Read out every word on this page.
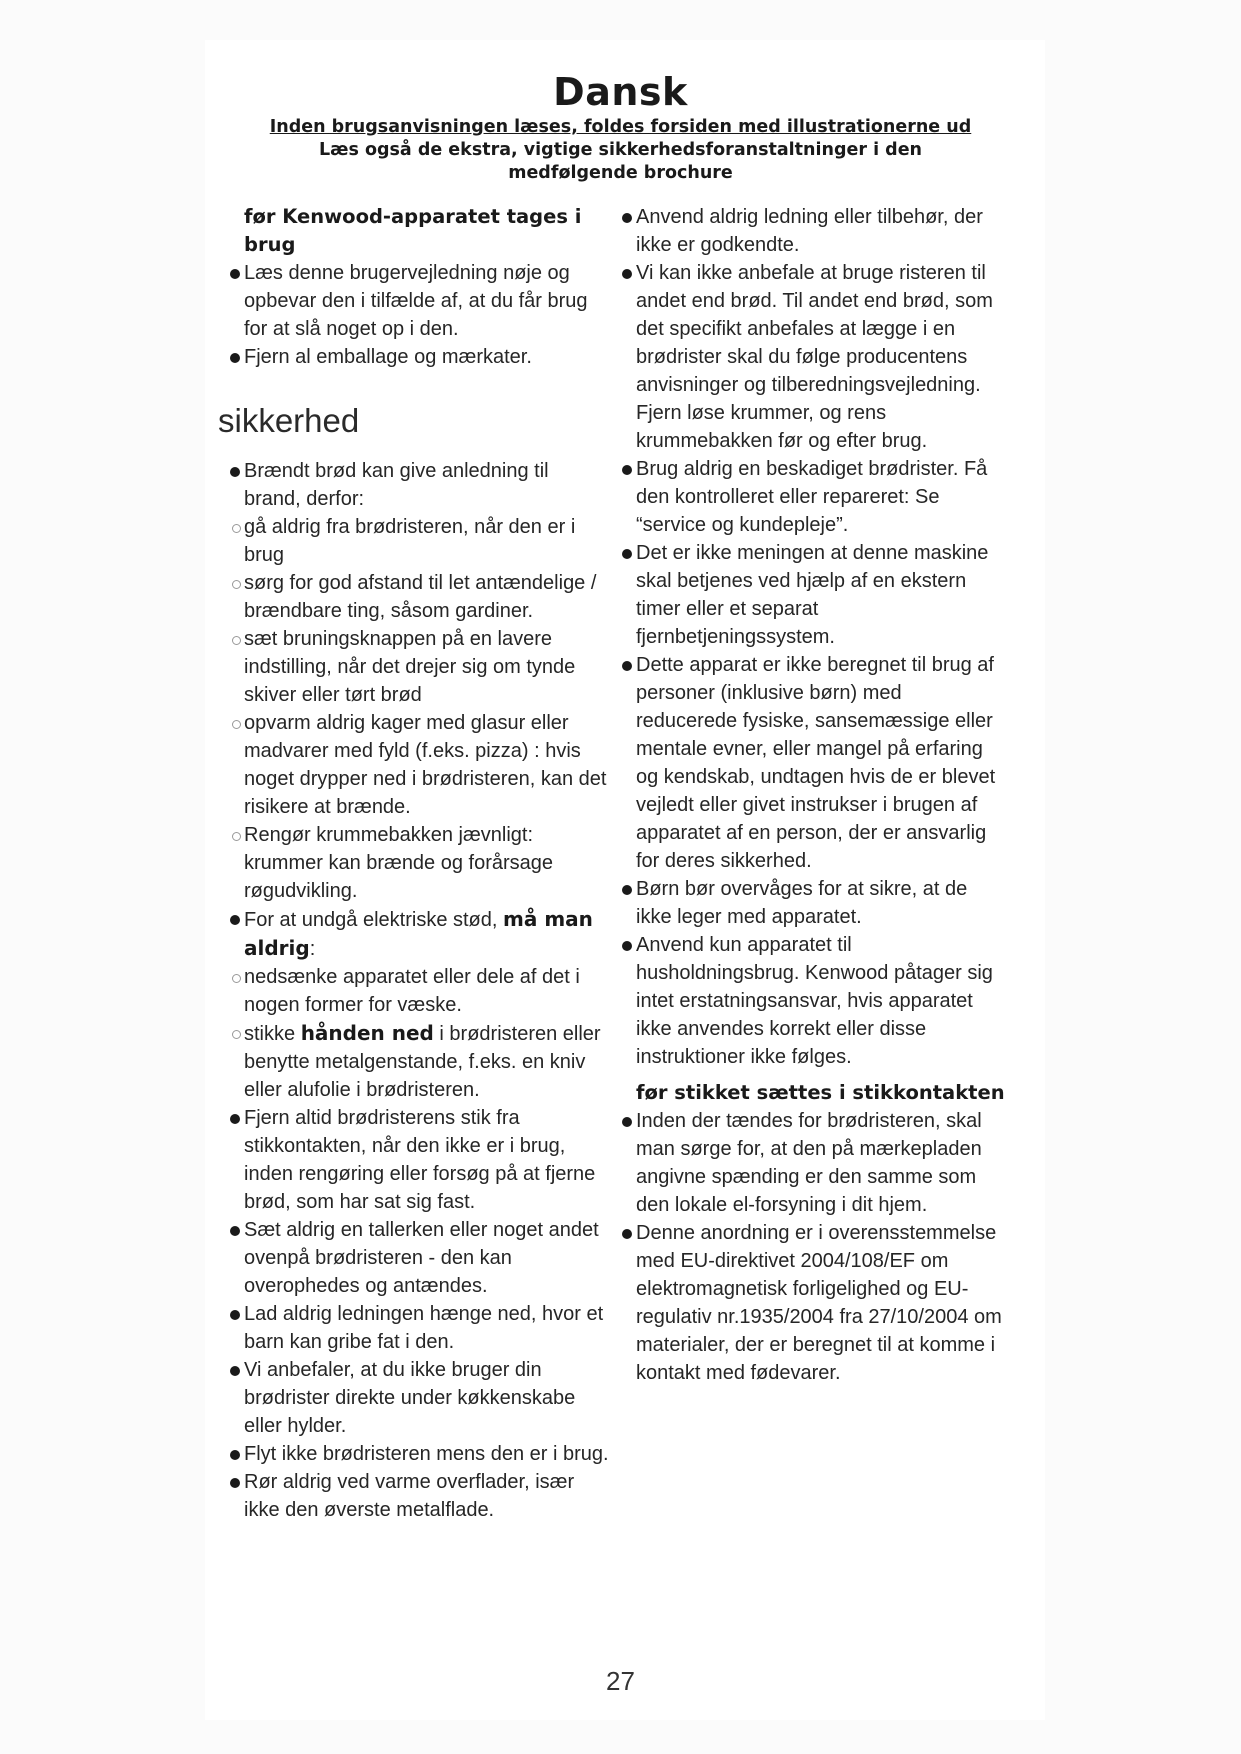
Dansk

Inden brugsanvisningen læses, foldes forsiden med illustrationerne ud

Læs også de ekstra, vigtige sikkerhedsforanstaltninger i den

medfølgende brochure

før Kenwood-apparatet tages i brug
Læs denne brugervejledning nøje og opbevar den i tilfælde af, at du får brug for at slå noget op i den.
Fjern al emballage og mærkater.
sikkerhed
Brændt brød kan give anledning til brand, derfor:
gå aldrig fra brødristeren, når den er i brug
sørg for god afstand til let antændelige / brændbare ting, såsom gardiner.
sæt bruningsknappen på en lavere indstilling, når det drejer sig om tynde skiver eller tørt brød
opvarm aldrig kager med glasur eller madvarer med fyld (f.eks. pizza) : hvis noget drypper ned i brødristeren, kan det risikere at brænde.
Rengør krummebakken jævnligt: krummer kan brænde og forårsage røgudvikling.
For at undgå elektriske stød, må man aldrig:
nedsænke apparatet eller dele af det i nogen former for væske.
stikke hånden ned i brødristeren eller benytte metalgenstande, f.eks. en kniv eller alufolie i brødristeren.
Fjern altid brødristerens stik fra stikkontakten, når den ikke er i brug, inden rengøring eller forsøg på at fjerne brød, som har sat sig fast.
Sæt aldrig en tallerken eller noget andet ovenpå brødristeren - den kan overophedes og antændes.
Lad aldrig ledningen hænge ned, hvor et barn kan gribe fat i den.
Vi anbefaler, at du ikke bruger din brødrister direkte under køkkenskabe eller hylder.
Flyt ikke brødristeren mens den er i brug.
Rør aldrig ved varme overflader, især ikke den øverste metalflade.
Anvend aldrig ledning eller tilbehør, der ikke er godkendte.
Vi kan ikke anbefale at bruge risteren til andet end brød. Til andet end brød, som det specifikt anbefales at lægge i en brødrister skal du følge producentens anvisninger og tilberedningsvejledning. Fjern løse krummer, og rens krummebakken før og efter brug.
Brug aldrig en beskadiget brødrister. Få den kontrolleret eller repareret: Se “service og kundepleje”.
Det er ikke meningen at denne maskine skal betjenes ved hjælp af en ekstern timer eller et separat fjernbetjeningssystem.
Dette apparat er ikke beregnet til brug af personer (inklusive børn) med reducerede fysiske, sansemæssige eller mentale evner, eller mangel på erfaring og kendskab, undtagen hvis de er blevet vejledt eller givet instrukser i brugen af apparatet af en person, der er ansvarlig for deres sikkerhed.
Børn bør overvåges for at sikre, at de ikke leger med apparatet.
Anvend kun apparatet til husholdningsbrug. Kenwood påtager sig intet erstatningsansvar, hvis apparatet ikke anvendes korrekt eller disse instruktioner ikke følges.
før stikket sættes i stikkontakten
Inden der tændes for brødristeren, skal man sørge for, at den på mærkepladen angivne spænding er den samme som den lokale el-forsyning i dit hjem.
Denne anordning er i overensstemmelse med EU-direktivet 2004/108/EF om elektromagnetisk forligelighed og EU-regulativ nr.1935/2004 fra 27/10/2004 om materialer, der er beregnet til at komme i kontakt med fødevarer.
27
